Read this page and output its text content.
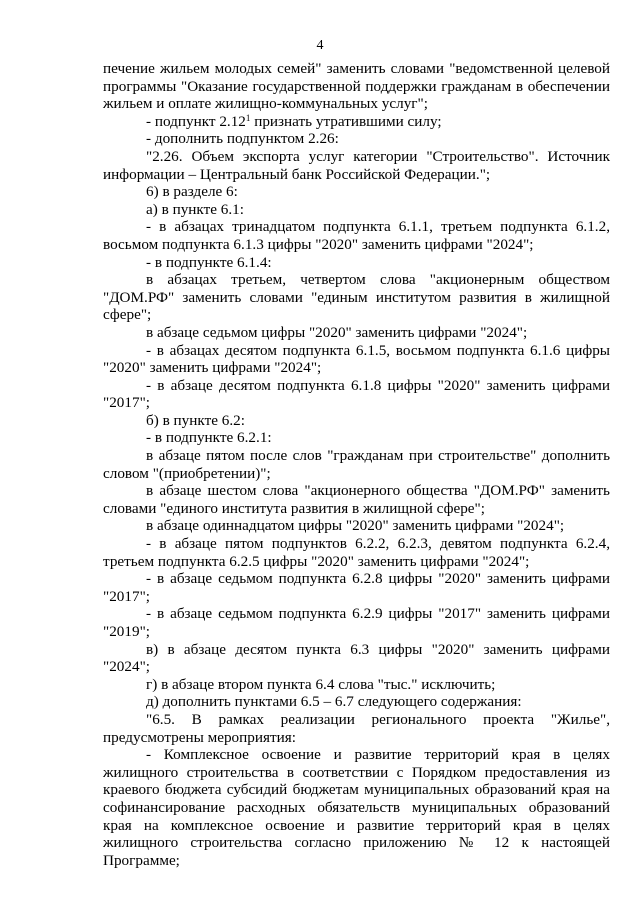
4

печение жильем молодых семей" заменить словами "ведомственной целевой программы "Оказание государственной поддержки гражданам в обеспечении жильем и оплате жилищно-коммунальных услуг";

- подпункт 2.12$^1$ признать утратившими силу;

- дополнить подпунктом 2.26:

"2.26. Объем экспорта услуг категории "Строительство". Источник информации – Центральный банк Российской Федерации.";

6) в разделе 6:

а) в пункте 6.1:

- в абзацах тринадцатом подпункта 6.1.1, третьем подпункта 6.1.2, восьмом подпункта 6.1.3 цифры "2020" заменить цифрами "2024";

- в подпункте 6.1.4:

в абзацах третьем, четвертом слова "акционерным обществом "ДОМ.РФ" заменить словами "единым институтом развития в жилищной сфере";

в абзаце седьмом цифры "2020" заменить цифрами "2024";

- в абзацах десятом подпункта 6.1.5, восьмом подпункта 6.1.6 цифры "2020" заменить цифрами "2024";

- в абзаце десятом подпункта 6.1.8 цифры "2020" заменить цифрами "2017";

б) в пункте 6.2:

- в подпункте 6.2.1:

в абзаце пятом после слов "гражданам при строительстве" дополнить словом "(приобретении)";

в абзаце шестом слова "акционерного общества "ДОМ.РФ" заменить словами "единого института развития в жилищной сфере";

в абзаце одиннадцатом цифры "2020" заменить цифрами "2024";

- в абзаце пятом подпунктов 6.2.2, 6.2.3, девятом подпункта 6.2.4, третьем подпункта 6.2.5 цифры "2020" заменить цифрами "2024";

- в абзаце седьмом подпункта 6.2.8 цифры "2020" заменить цифрами "2017";

- в абзаце седьмом подпункта 6.2.9 цифры "2017" заменить цифрами "2019";

в) в абзаце десятом пункта 6.3 цифры "2020" заменить цифрами "2024";

г) в абзаце втором пункта 6.4 слова "тыс." исключить;

д) дополнить пунктами 6.5 – 6.7 следующего содержания:

"6.5. В рамках реализации регионального проекта "Жилье", предусмотрены мероприятия:

- Комплексное освоение и развитие территорий края в целях жилищного строительства в соответствии с Порядком предоставления из краевого бюджета субсидий бюджетам муниципальных образований края на софинансирование расходных обязательств муниципальных образований края на комплексное освоение и развитие территорий края в целях жилищного строительства согласно приложению № 12 к настоящей Программе;
